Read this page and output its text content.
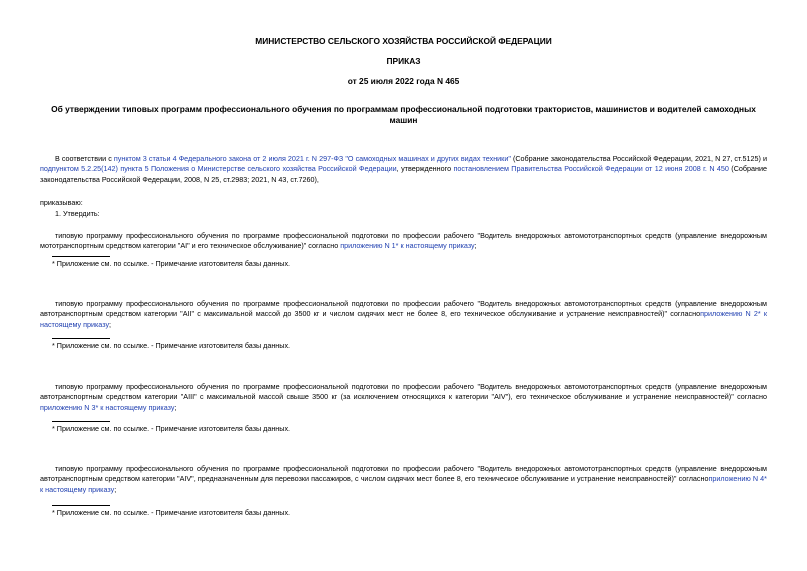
МИНИСТЕРСТВО СЕЛЬСКОГО ХОЗЯЙСТВА РОССИЙСКОЙ ФЕДЕРАЦИИ
ПРИКАЗ
от 25 июля 2022 года N 465
Об утверждении типовых программ профессионального обучения по программам профессиональной подготовки трактористов, машинистов и водителей самоходных машин
В соответствии с пунктом 3 статьи 4 Федерального закона от 2 июля 2021 г. N 297-ФЗ "О самоходных машинах и других видах техники" (Собрание законодательства Российской Федерации, 2021, N 27, ст.5125) и подпунктом 5.2.25(142) пункта 5 Положения о Министерстве сельского хозяйства Российской Федерации, утвержденного постановлением Правительства Российской Федерации от 12 июня 2008 г. N 450 (Собрание законодательства Российской Федерации, 2008, N 25, ст.2983; 2021, N 43, ст.7260),
приказываю:
1. Утвердить:
типовую программу профессионального обучения по программе профессиональной подготовки по профессии рабочего "Водитель внедорожных автомототранспортных средств (управление внедорожным мототранспортным средством категории "AI" и его техническое обслуживание)" согласно приложению N 1* к настоящему приказу;
* Приложение см. по ссылке. - Примечание изготовителя базы данных.
типовую программу профессионального обучения по программе профессиональной подготовки по профессии рабочего "Водитель внедорожных автомототранспортных средств (управление внедорожным автотранспортным средством категории "AII" с максимальной массой до 3500 кг и числом сидячих мест не более 8, его техническое обслуживание и устранение неисправностей)" согласноприложению N 2* к настоящему приказу;
* Приложение см. по ссылке. - Примечание изготовителя базы данных.
типовую программу профессионального обучения по программе профессиональной подготовки по профессии рабочего "Водитель внедорожных автомототранспортных средств (управление внедорожным автотранспортным средством категории "AIII" с максимальной массой свыше 3500 кг (за исключением относящихся к категории "AIV"), его техническое обслуживание и устранение неисправностей)" согласно приложению N 3* к настоящему приказу;
* Приложение см. по ссылке. - Примечание изготовителя базы данных.
типовую программу профессионального обучения по программе профессиональной подготовки по профессии рабочего "Водитель внедорожных автомототранспортных средств (управление внедорожным автотранспортным средством категории "AIV", предназначенным для перевозки пассажиров, с числом сидячих мест более 8, его техническое обслуживание и устранение неисправностей)" согласноприложению N 4* к настоящему приказу;
* Приложение см. по ссылке. - Примечание изготовителя базы данных.
